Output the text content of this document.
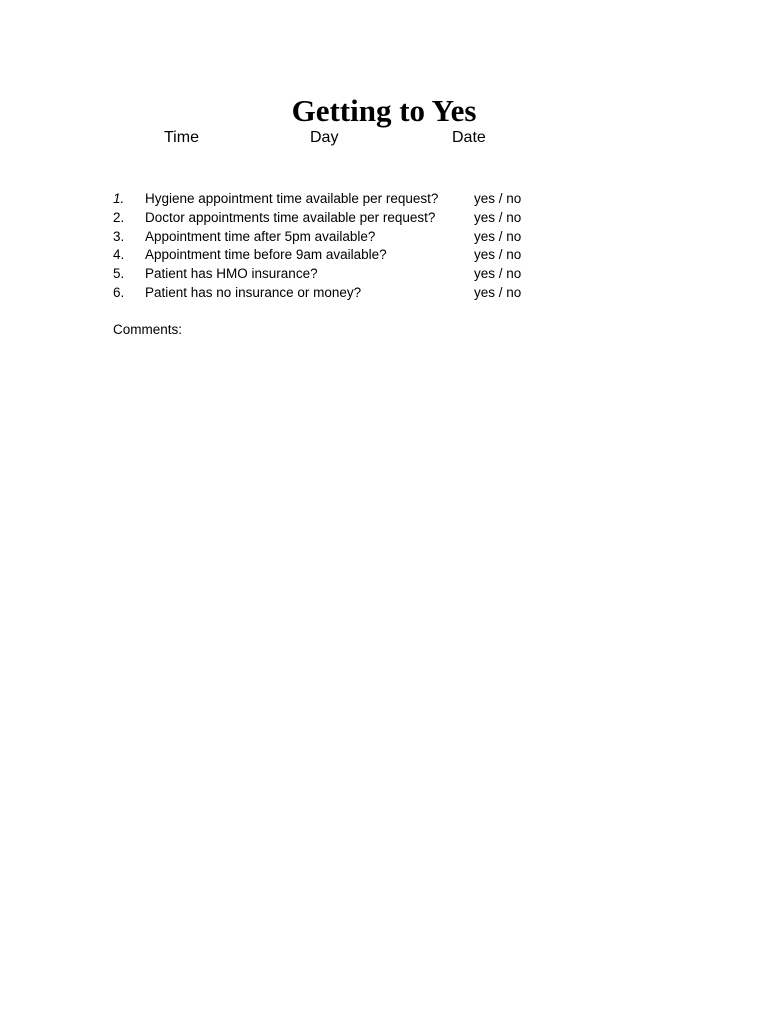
Getting to Yes
Time	Day	Date
1. Hygiene appointment time available per request?	yes / no
2. Doctor appointments time available per request?	yes / no
3. Appointment time after 5pm available?	yes / no
4. Appointment time before 9am available?	yes / no
5. Patient has HMO insurance?	yes / no
6. Patient has no insurance or money?	yes / no
Comments:
